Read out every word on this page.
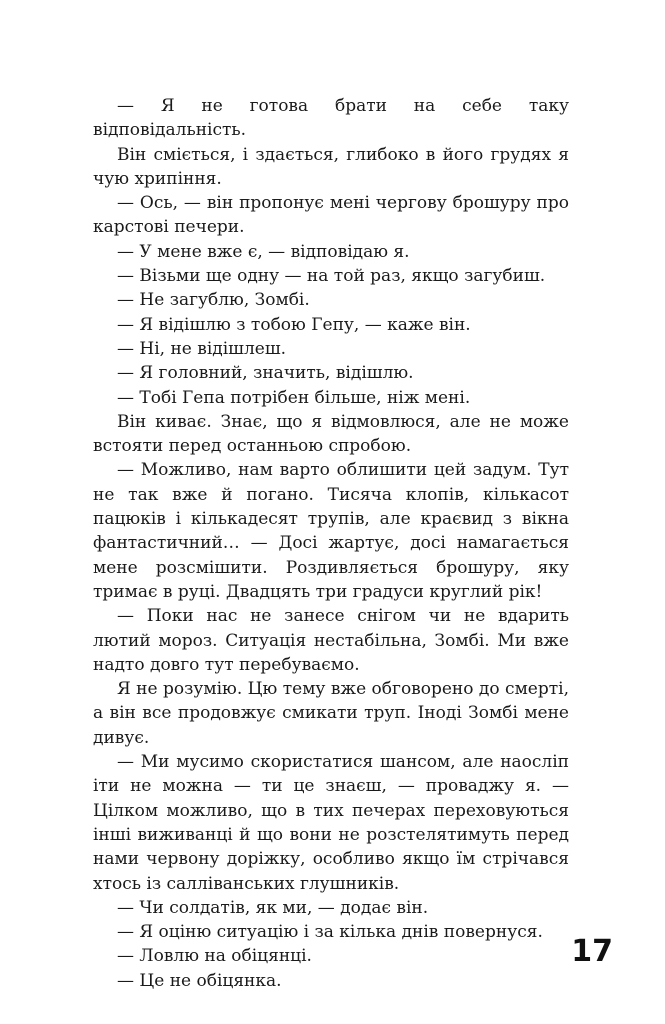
— Я не готова брати на себе таку відповідальність.

Він сміється, і здається, глибоко в його грудях я чую хрипіння.

— Ось, — він пропонує мені чергову брошуру про карстові печери.

— У мене вже є, — відповідаю я.

— Візьми ще одну — на той раз, якщо загубиш.

— Не загублю, Зомбі.

— Я відішлю з тобою Гепу, — каже він.

— Ні, не відішлеш.

— Я головний, значить, відішлю.

— Тобі Гепа потрібен більше, ніж мені.

Він киває. Знає, що я відмовлюся, але не може встояти перед останньою спробою.

— Можливо, нам варто облишити цей задум. Тут не так вже й погано. Тисяча клопів, кількасот пацюків і кількадесят трупів, але краєвид з вікна фантастичний… — Досі жартує, досі намагається мене розсмішити. Роздивляється брошуру, яку тримає в руці. Двадцять три градуси круглий рік!

— Поки нас не занесе снігом чи не вдарить лютий мороз. Ситуація нестабільна, Зомбі. Ми вже надто довго тут перебуваємо.

Я не розумію. Цю тему вже обговорено до смерті, а він все продовжує смикати труп. Іноді Зомбі мене дивує.

— Ми мусимо скористатися шансом, але наосліп іти не можна — ти це знаєш, — проваджу я. — Цілком можливо, що в тих печерах переховуються інші виживанці й що вони не розстелятимуть перед нами червону доріжку, особливо якщо їм стрічався хтось із салліванських глушників.

— Чи солдатів, як ми, — додає він.

— Я оціню ситуацію і за кілька днів повернуся.

— Ловлю на обіцянці.

— Це не обіцянка.

17
